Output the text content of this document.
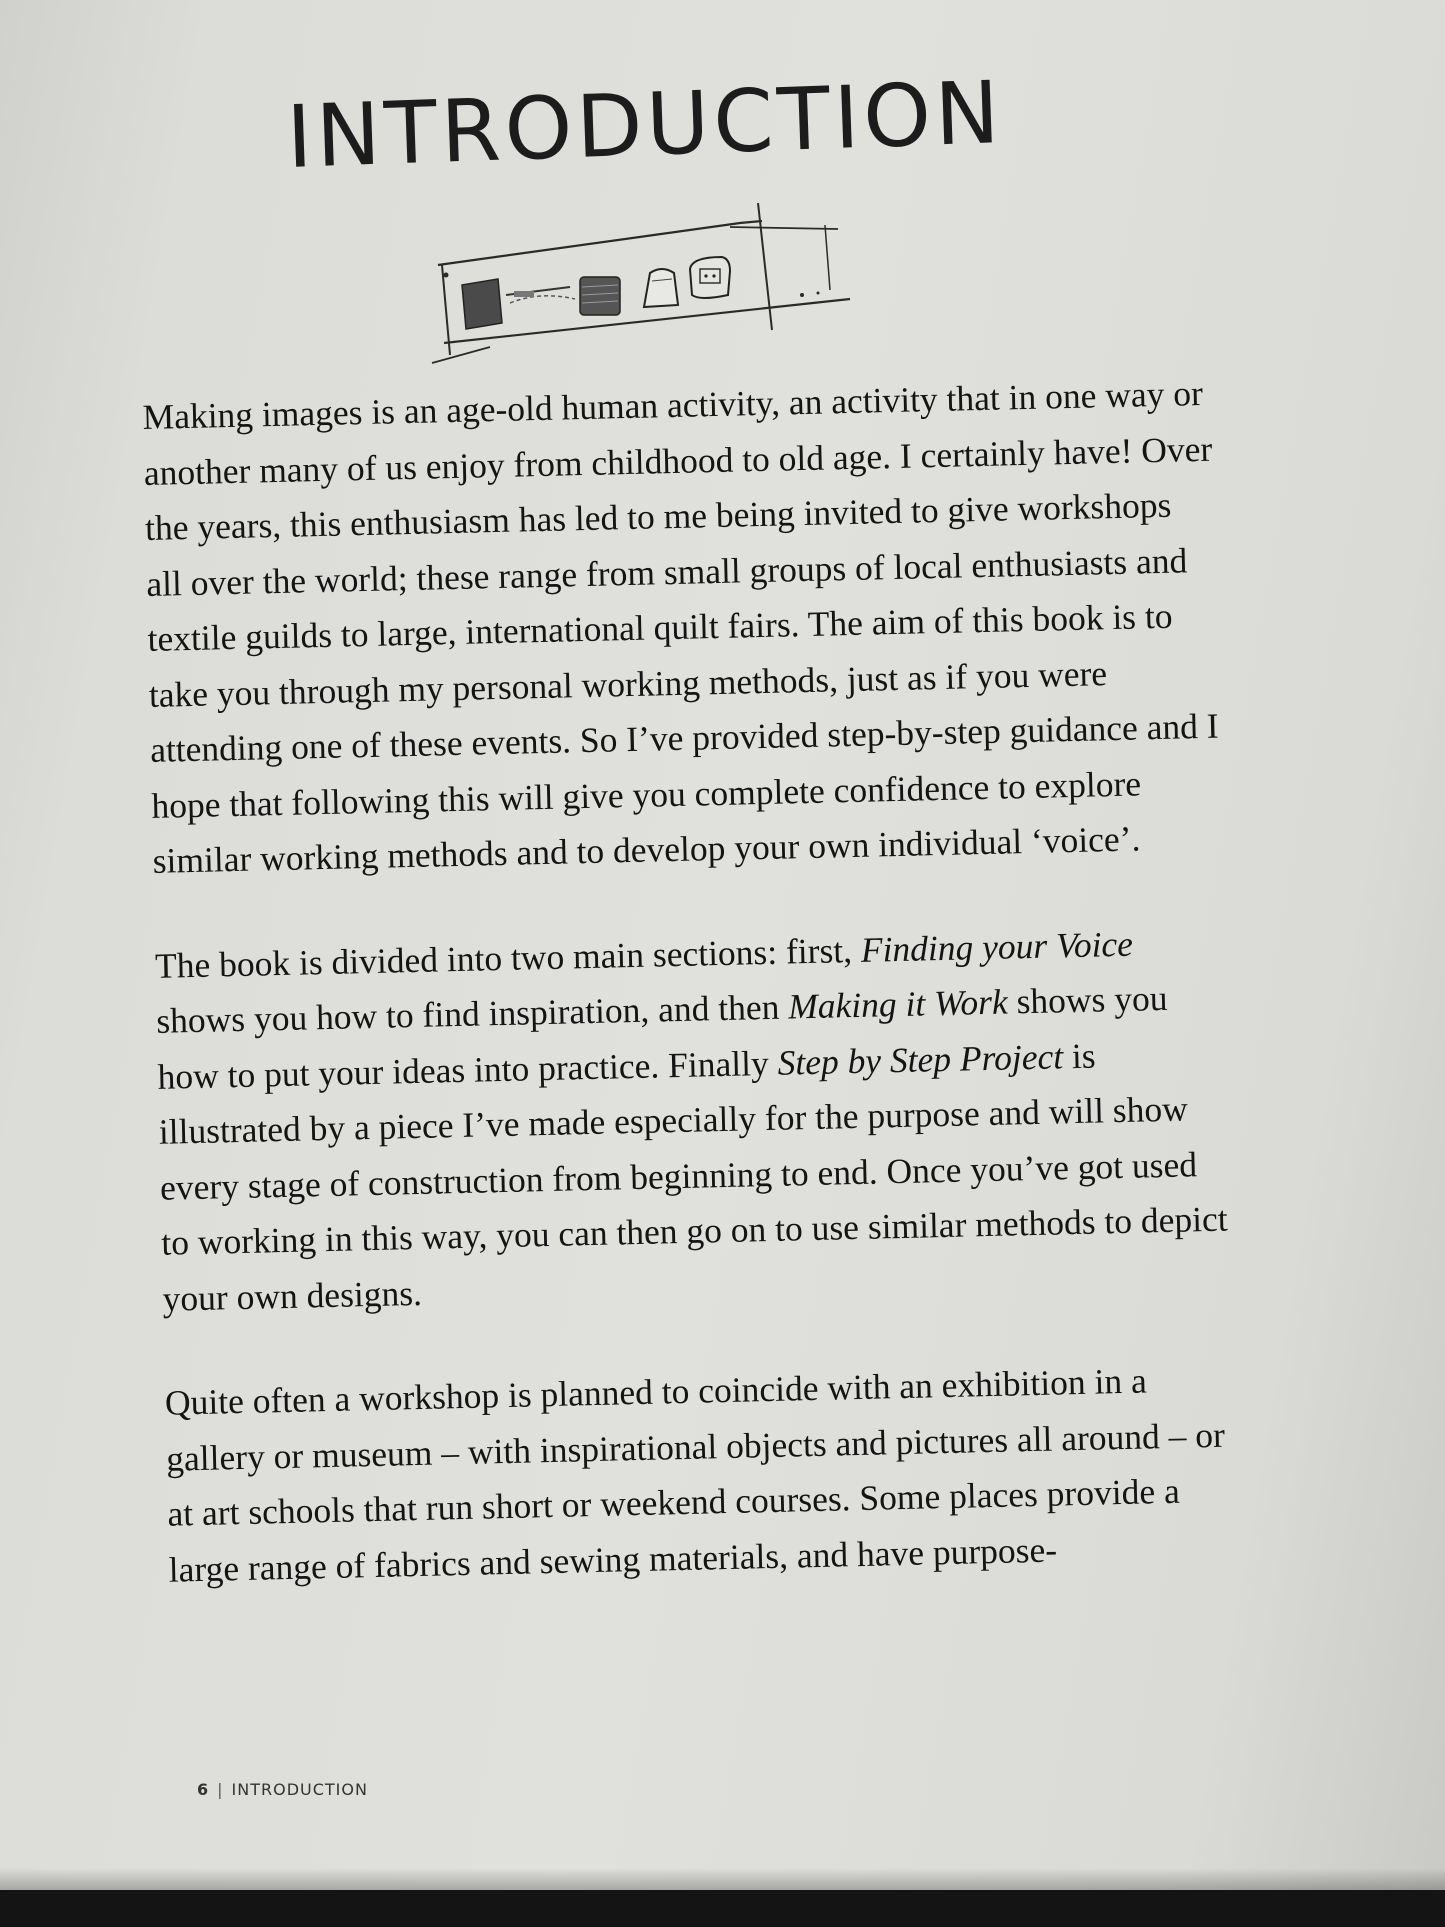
INTRODUCTION

Making images is an age-old human activity, an activity that in one way or another many of us enjoy from childhood to old age. I certainly have! Over the years, this enthusiasm has led to me being invited to give workshops all over the world; these range from small groups of local enthusiasts and textile guilds to large, international quilt fairs. The aim of this book is to take you through my personal working methods, just as if you were attending one of these events. So I’ve provided step-by-step guidance and I hope that following this will give you complete confidence to explore similar working methods and to develop your own individual ‘voice’.

The book is divided into two main sections: first, Finding your Voice shows you how to find inspiration, and then Making it Work shows you how to put your ideas into practice. Finally Step by Step Project is illustrated by a piece I’ve made especially for the purpose and will show every stage of construction from beginning to end. Once you’ve got used to working in this way, you can then go on to use similar methods to depict your own designs.

Quite often a workshop is planned to coincide with an exhibition in a gallery or museum – with inspirational objects and pictures all around – or at art schools that run short or weekend courses. Some places provide a large range of fabrics and sewing materials, and have purpose-

6 | INTRODUCTION
